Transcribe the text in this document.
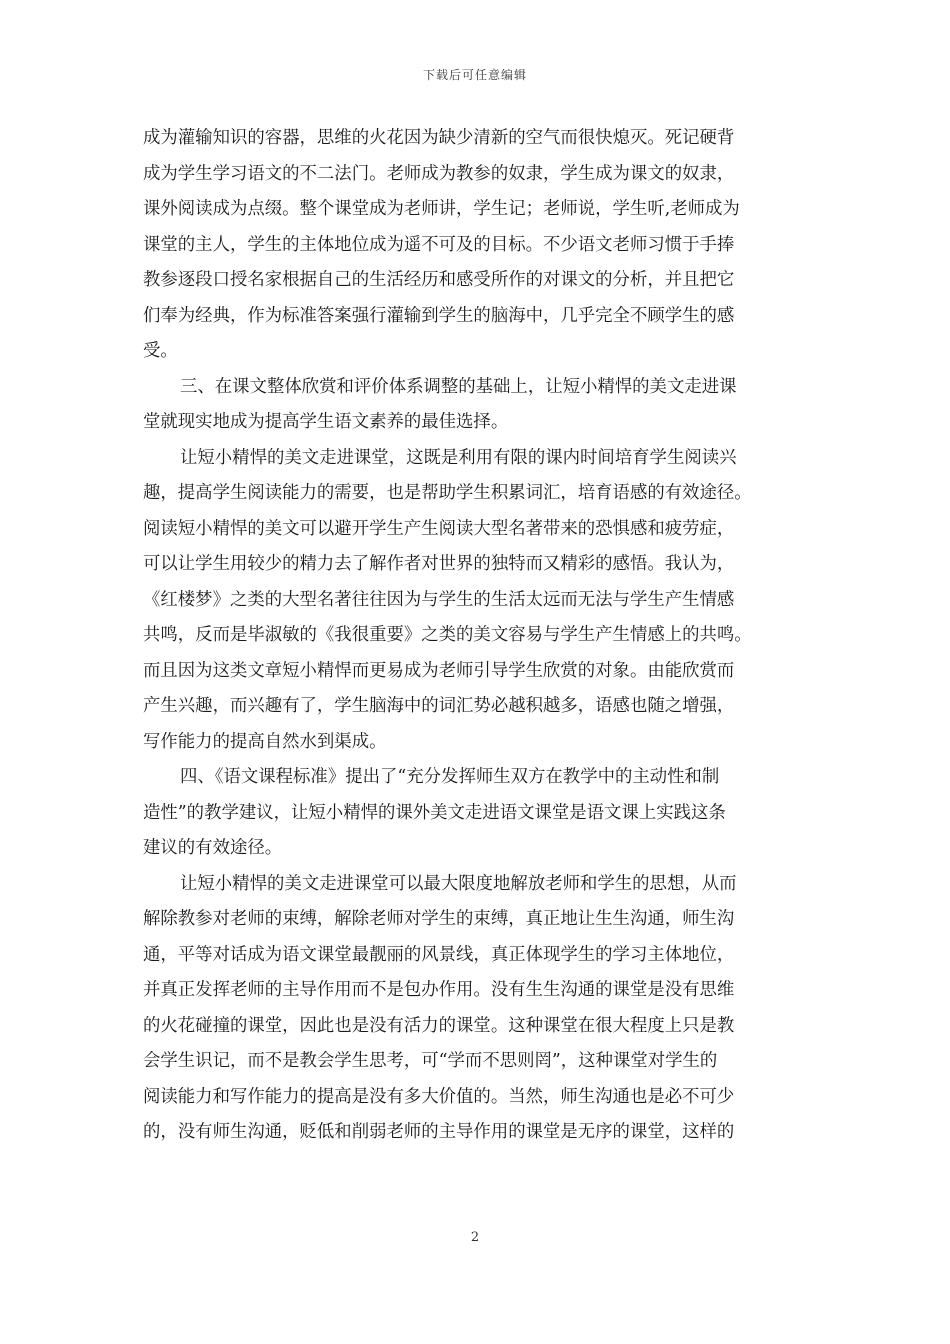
下载后可任意编辑
成为灌输知识的容器，思维的火花因为缺少清新的空气而很快熄灭。死记硬背
成为学生学习语文的不二法门。老师成为教参的奴隶，学生成为课文的奴隶，
课外阅读成为点缀。整个课堂成为老师讲，学生记；老师说，学生听,老师成为
课堂的主人，学生的主体地位成为遥不可及的目标。不少语文老师习惯于手捧
教参逐段口授名家根据自己的生活经历和感受所作的对课文的分析，并且把它
们奉为经典，作为标准答案强行灌输到学生的脑海中，几乎完全不顾学生的感
受。
三、在课文整体欣赏和评价体系调整的基础上，让短小精悍的美文走进课
堂就现实地成为提高学生语文素养的最佳选择。
让短小精悍的美文走进课堂，这既是利用有限的课内时间培育学生阅读兴
趣，提高学生阅读能力的需要，也是帮助学生积累词汇，培育语感的有效途径。
阅读短小精悍的美文可以避开学生产生阅读大型名著带来的恐惧感和疲劳症，
可以让学生用较少的精力去了解作者对世界的独特而又精彩的感悟。我认为，
《红楼梦》之类的大型名著往往因为与学生的生活太远而无法与学生产生情感
共鸣，反而是毕淑敏的《我很重要》之类的美文容易与学生产生情感上的共鸣。
而且因为这类文章短小精悍而更易成为老师引导学生欣赏的对象。由能欣赏而
产生兴趣，而兴趣有了，学生脑海中的词汇势必越积越多，语感也随之增强，
写作能力的提高自然水到渠成。
四、《语文课程标准》提出了“充分发挥师生双方在教学中的主动性和制
造性”的教学建议，让短小精悍的课外美文走进语文课堂是语文课上实践这条
建议的有效途径。
让短小精悍的美文走进课堂可以最大限度地解放老师和学生的思想，从而
解除教参对老师的束缚，解除老师对学生的束缚，真正地让生生沟通，师生沟
通，平等对话成为语文课堂最靓丽的风景线，真正体现学生的学习主体地位，
并真正发挥老师的主导作用而不是包办作用。没有生生沟通的课堂是没有思维
的火花碰撞的课堂，因此也是没有活力的课堂。这种课堂在很大程度上只是教
会学生识记，而不是教会学生思考，可“学而不思则罔”，这种课堂对学生的
阅读能力和写作能力的提高是没有多大价值的。当然，师生沟通也是必不可少
的，没有师生沟通，贬低和削弱老师的主导作用的课堂是无序的课堂，这样的
2
